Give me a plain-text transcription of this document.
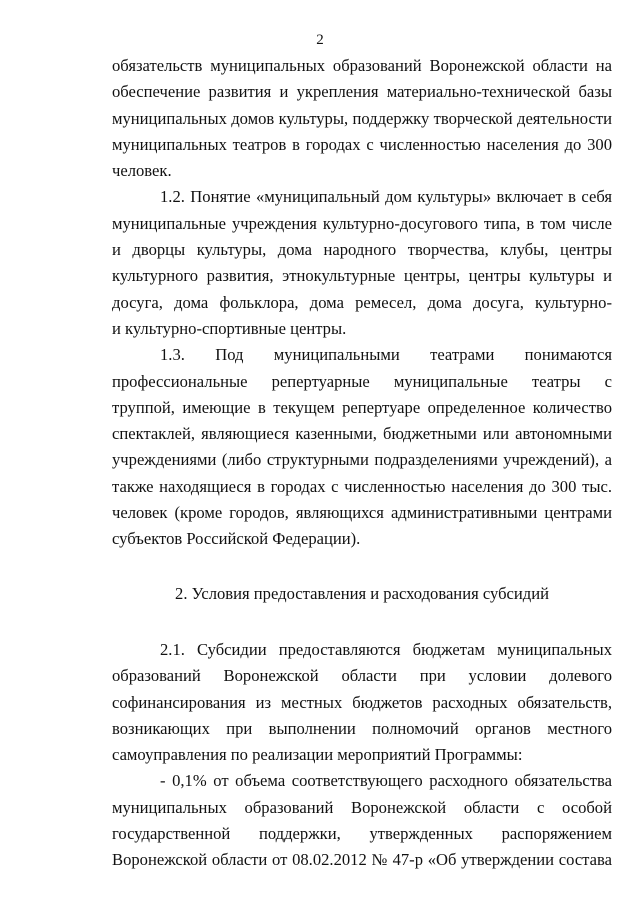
2
обязательств муниципальных образований Воронежской области на
обеспечение развития и укрепления материально-технической базы
муниципальных домов культуры, поддержку творческой деятельности
муниципальных театров в городах с численностью населения до 300
человек.
1.2. Понятие «муниципальный дом культуры» включает в себя
муниципальные учреждения культурно-досугового типа, в том числе
и дворцы культуры, дома народного творчества, клубы, центры
культурного развития, этнокультурные центры, центры культуры и
досуга, дома фольклора, дома ремесел, дома досуга, культурно-
и культурно-спортивные центры.
1.3. Под муниципальными театрами понимаются
профессиональные репертуарные муниципальные театры с
труппой, имеющие в текущем репертуаре определенное количество
спектаклей, являющиеся казенными, бюджетными или автономными
учреждениями (либо структурными подразделениями учреждений), а
также находящиеся в городах с численностью населения до 300 тыс.
человек (кроме городов, являющихся административными центрами
субъектов Российской Федерации).
2. Условия предоставления и расходования субсидий
2.1. Субсидии предоставляются бюджетам муниципальных
образований Воронежской области при условии долевого
софинансирования из местных бюджетов расходных обязательств,
возникающих при выполнении полномочий органов местного
самоуправления по реализации мероприятий Программы:
- 0,1% от объема соответствующего расходного обязательства
муниципальных образований Воронежской области с особой
государственной поддержки, утвержденных распоряжением
Воронежской области от 08.02.2012 № 47-р «Об утверждении состава
